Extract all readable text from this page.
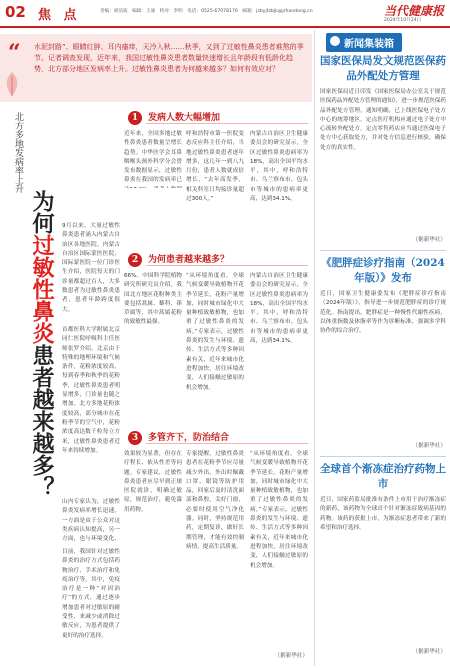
02 焦 点	责编：胡洁波　编辑：王诚　校对：李明　电话：0525-67078176　邮箱：jzbyjtzbjk@jrhandong.cn	当代健康报
2024年10月24日
“ 水泥封路”、眼睛红肿、耳内瘙痒，天冷入秋……秋季，又到了过敏性鼻炎患者难熬的季节。记者调查发现，近年来，我国过敏性鼻炎患者数量快速增长且年龄段有低龄化趋势，北方部分地区发病率上升。过敏性鼻炎患者为何越来越多？如何有效应对？
北方多地发病率上升
为何过敏性鼻炎患者越来越多？
9月以来，大量过敏性鼻炎患者涌入内蒙古自治区各地医院。内蒙古自治区国际蒙医医院、国际蒙医院一位门诊医生介绍，医院每天的门诊量都超过百人，大多数患者为过敏性鼻炎患者，患者年龄跨度很大。
首都医科大学附属北京同仁医院呼吸科主任医师张罗介绍，北京由于特殊的地理环境和气候条件，花粉浓度较高，每到春季和秋季的花粉季，过敏性鼻炎患者明显增多，门诊量也随之增加。北方多地花粉浓度较高，部分城市在花粉季节的空气中，花粉浓度高达数千粒每立方米，过敏性鼻炎患者近年来持续增加。
山内专家认为，过敏性鼻炎发病率增长迅速，一方面是由于公众对这类疾病认知提高，另一方面，也与环境变化、
目前，我国针对过敏性鼻炎的治疗方式包括药物治疗、手术治疗和免疫治疗等。其中，免疫治疗是一种“对因治疗”的方式，通过逐步增加患者对过敏原的耐受性，来减少或消除过敏反应，为患者提供了更好的治疗选择。
1 发病人数大幅增加
近年来，全国多地过敏性鼻炎患者数量呈增长趋势。中华医学会耳鼻咽喉头颈外科学分会曾发布数据显示，过敏性鼻炎在我国的发病率已
呼和浩特市第一医院变态反应科主任介绍，当地过敏性鼻炎患者逐年增多，这几年一到八九月份，患者人数就成倍增长，“去年高发季，相关科室日均接诊量超过300人。”
内蒙古自治区卫生健康委员会的研究显示，全区过敏性鼻炎患病率为18%，高出全国平均水平，其中，呼和浩特市、乌兰察布市、包头市等城市的患病率更高，达到34.1%。
2 为何患者越来越多？
66%。中国科学院植物研究所研究员介绍，我国北方地区花粉种类主要包括蒿属、藜科、葎草属等，其中蒿属花粉的致敏性最强。
“从环境角度看，全球气候变暖导致植物开花季节延长，花粉产量增加，同时城市绿化中大量种植致敏植物，也加重了过敏性鼻炎的发病。”专家表示，过敏性鼻炎的发生与环境、遗传、生活方式等多种因素有关，近年来城市化进程加快，居住环境改变，人们接触过敏原的机会增加。
内蒙古自治区卫生健康委员会的研究显示，全区过敏性鼻炎患病率为18%，高出全国平均水平，其中，呼和浩特市、乌兰察布市、包头市等城市的患病率更高，达到34.1%。
3 多管齐下，防治结合
效果较为显著，但存在疗程长、依从性差等问题。专家建议，过敏性鼻炎患者应尽早到正规医院就诊，明确过敏原，规范治疗，避免滥用药物。
专家提醒，过敏性鼻炎患者在花粉季节应尽量减少外出，外出时佩戴口罩、眼镜等防护用品，回家后及时清洗面部和鼻腔，关好门窗，必要时使用空气净化器。同时，坚持规范用药，定期复诊，做好长期管理，才能有效控制病情，提高生活质量。
“从环境角度看，全球气候变暖导致植物开花季节延长，花粉产量增加，同时城市绿化中大量种植致敏植物，也加重了过敏性鼻炎的发病。”专家表示，过敏性鼻炎的发生与环境、遗传、生活方式等多种因素有关，近年来城市化进程加快，居住环境改变，人们接触过敏原的机会增加。
（据新华社）
新闻集装箱
国家医保局发文规范医保药品外配处方管理
国家医保局近日印发《国家医保局办公室关于规范医保药品外配处方管理的通知》，进一步规范医保药品外配处方管理。通知明确，已上线医保电子处方中心的统筹地区，定点医疗机构应通过电子处方中心流转外配处方。定点零售药店应当通过医保电子处方中心获取处方，并对处方信息进行核验，确保处方的真实性。
（据新华社）
《肥胖症诊疗指南（2024年版）》发布
近日，国家卫生健康委发布《肥胖症诊疗指南（2024年版）》，指导进一步规范肥胖症的诊疗规范化。指南提出，肥胖症是一种慢性代谢性疾病，以体重指数及体脂率等作为诊断标准，强调多学科协作的综合治疗。
（据新华社）
全球首个渐冻症治疗药物上市
近日，国家药监局批准有条件上市用于治疗渐冻症的新药，该药物为全球首个针对渐冻症致病基因的药物。该药的获批上市，为渐冻症患者带来了新的希望和治疗选择。
（据新华社）
